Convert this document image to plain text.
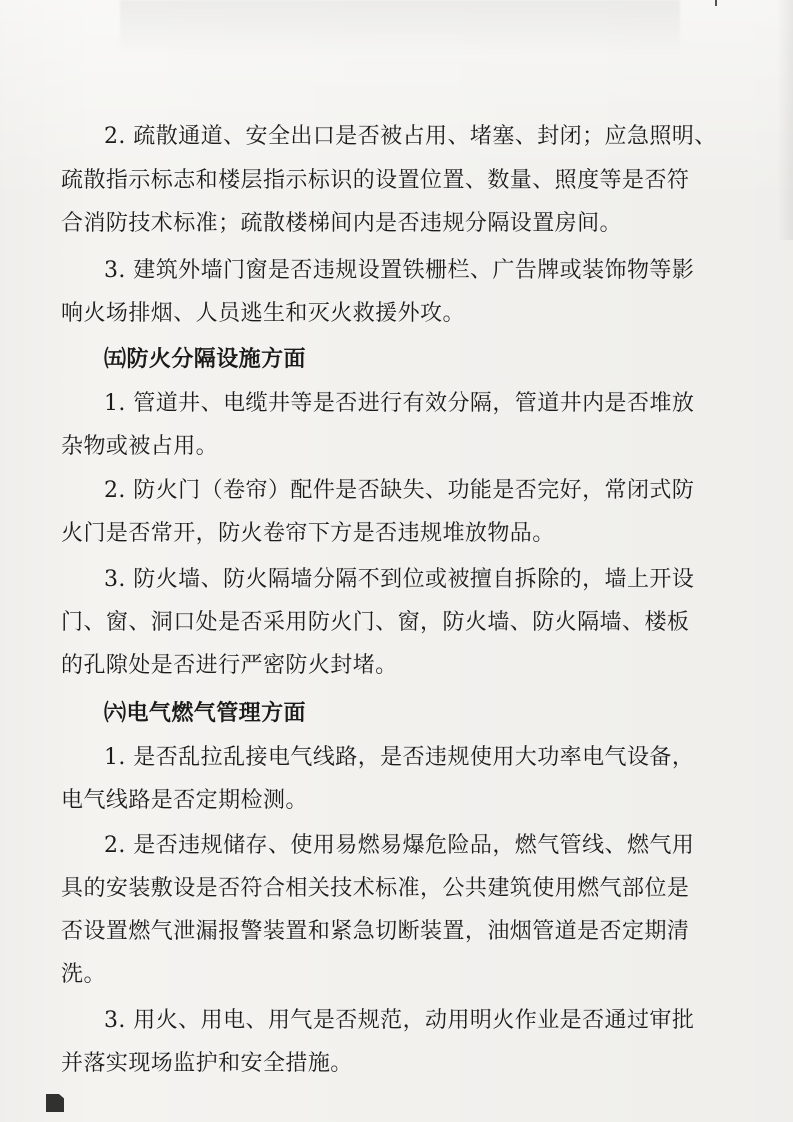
2. 疏散通道、安全出口是否被占用、堵塞、封闭；应急照明、
疏散指示标志和楼层指示标识的设置位置、数量、照度等是否符
合消防技术标准；疏散楼梯间内是否违规分隔设置房间。
3. 建筑外墙门窗是否违规设置铁栅栏、广告牌或装饰物等影
响火场排烟、人员逃生和灭火救援外攻。
㈤防火分隔设施方面
1. 管道井、电缆井等是否进行有效分隔，管道井内是否堆放
杂物或被占用。
2. 防火门（卷帘）配件是否缺失、功能是否完好，常闭式防
火门是否常开，防火卷帘下方是否违规堆放物品。
3. 防火墙、防火隔墙分隔不到位或被擅自拆除的，墙上开设
门、窗、洞口处是否采用防火门、窗，防火墙、防火隔墙、楼板
的孔隙处是否进行严密防火封堵。
㈥电气燃气管理方面
1. 是否乱拉乱接电气线路，是否违规使用大功率电气设备，
电气线路是否定期检测。
2. 是否违规储存、使用易燃易爆危险品，燃气管线、燃气用
具的安装敷设是否符合相关技术标准，公共建筑使用燃气部位是
否设置燃气泄漏报警装置和紧急切断装置，油烟管道是否定期清
洗。
3. 用火、用电、用气是否规范，动用明火作业是否通过审批
并落实现场监护和安全措施。
